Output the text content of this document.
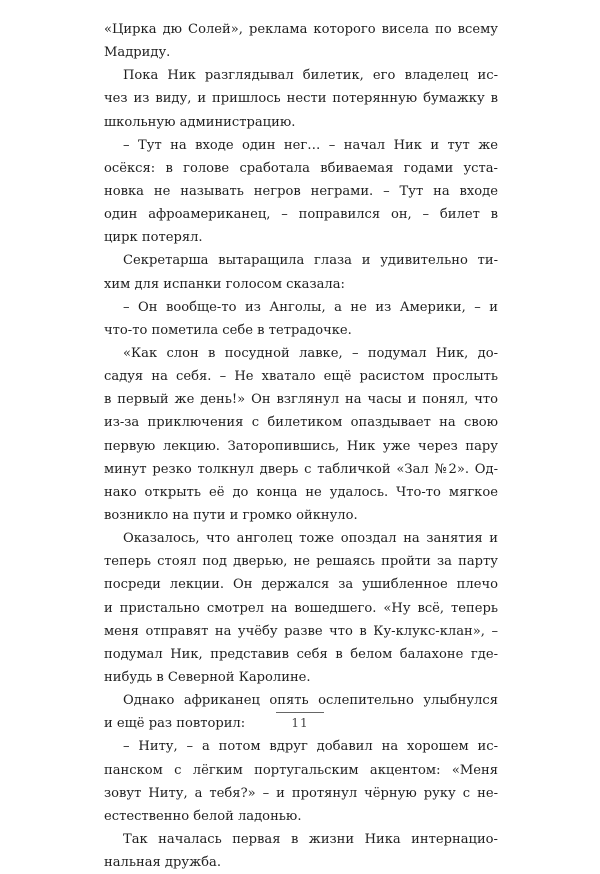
«Цирка дю Солей», реклама которого висела по всему
Мадриду.
Пока Ник разглядывал билетик, его владелец ис-
чез из виду, и пришлось нести потерянную бумажку в
школьную администрацию.
– Тут на входе один нег… – начал Ник и тут же
осёкся: в голове сработала вбиваемая годами уста-
новка не называть негров неграми. – Тут на входе
один афроамериканец, – поправился он, – билет в
цирк потерял.
Секретарша вытаращила глаза и удивительно ти-
хим для испанки голосом сказала:
– Он вообще-то из Анголы, а не из Америки, – и
что-то пометила себе в тетрадочке.
«Как слон в посудной лавке, – подумал Ник, до-
садуя на себя. – Не хватало ещё расистом прослыть
в первый же день!» Он взглянул на часы и понял, что
из-за приключения с билетиком опаздывает на свою
первую лекцию. Заторопившись, Ник уже через пару
минут резко толкнул дверь с табличкой «Зал №2». Од-
нако открыть её до конца не удалось. Что-то мягкое
возникло на пути и громко ойкнуло.
Оказалось, что анголец тоже опоздал на занятия и
теперь стоял под дверью, не решаясь пройти за парту
посреди лекции. Он держался за ушибленное плечо
и пристально смотрел на вошедшего. «Ну всё, теперь
меня отправят на учёбу разве что в Ку-клукс-клан», –
подумал Ник, представив себя в белом балахоне где-
нибудь в Северной Каролине.
Однако африканец опять ослепительно улыбнулся
и ещё раз повторил:
– Ниту, – а потом вдруг добавил на хорошем ис-
панском с лёгким португальским акцентом: «Меня
зовут Ниту, а тебя?» – и протянул чёрную руку с не-
естественно белой ладонью.
Так началась первая в жизни Ника интернацио-
нальная дружба.
11
